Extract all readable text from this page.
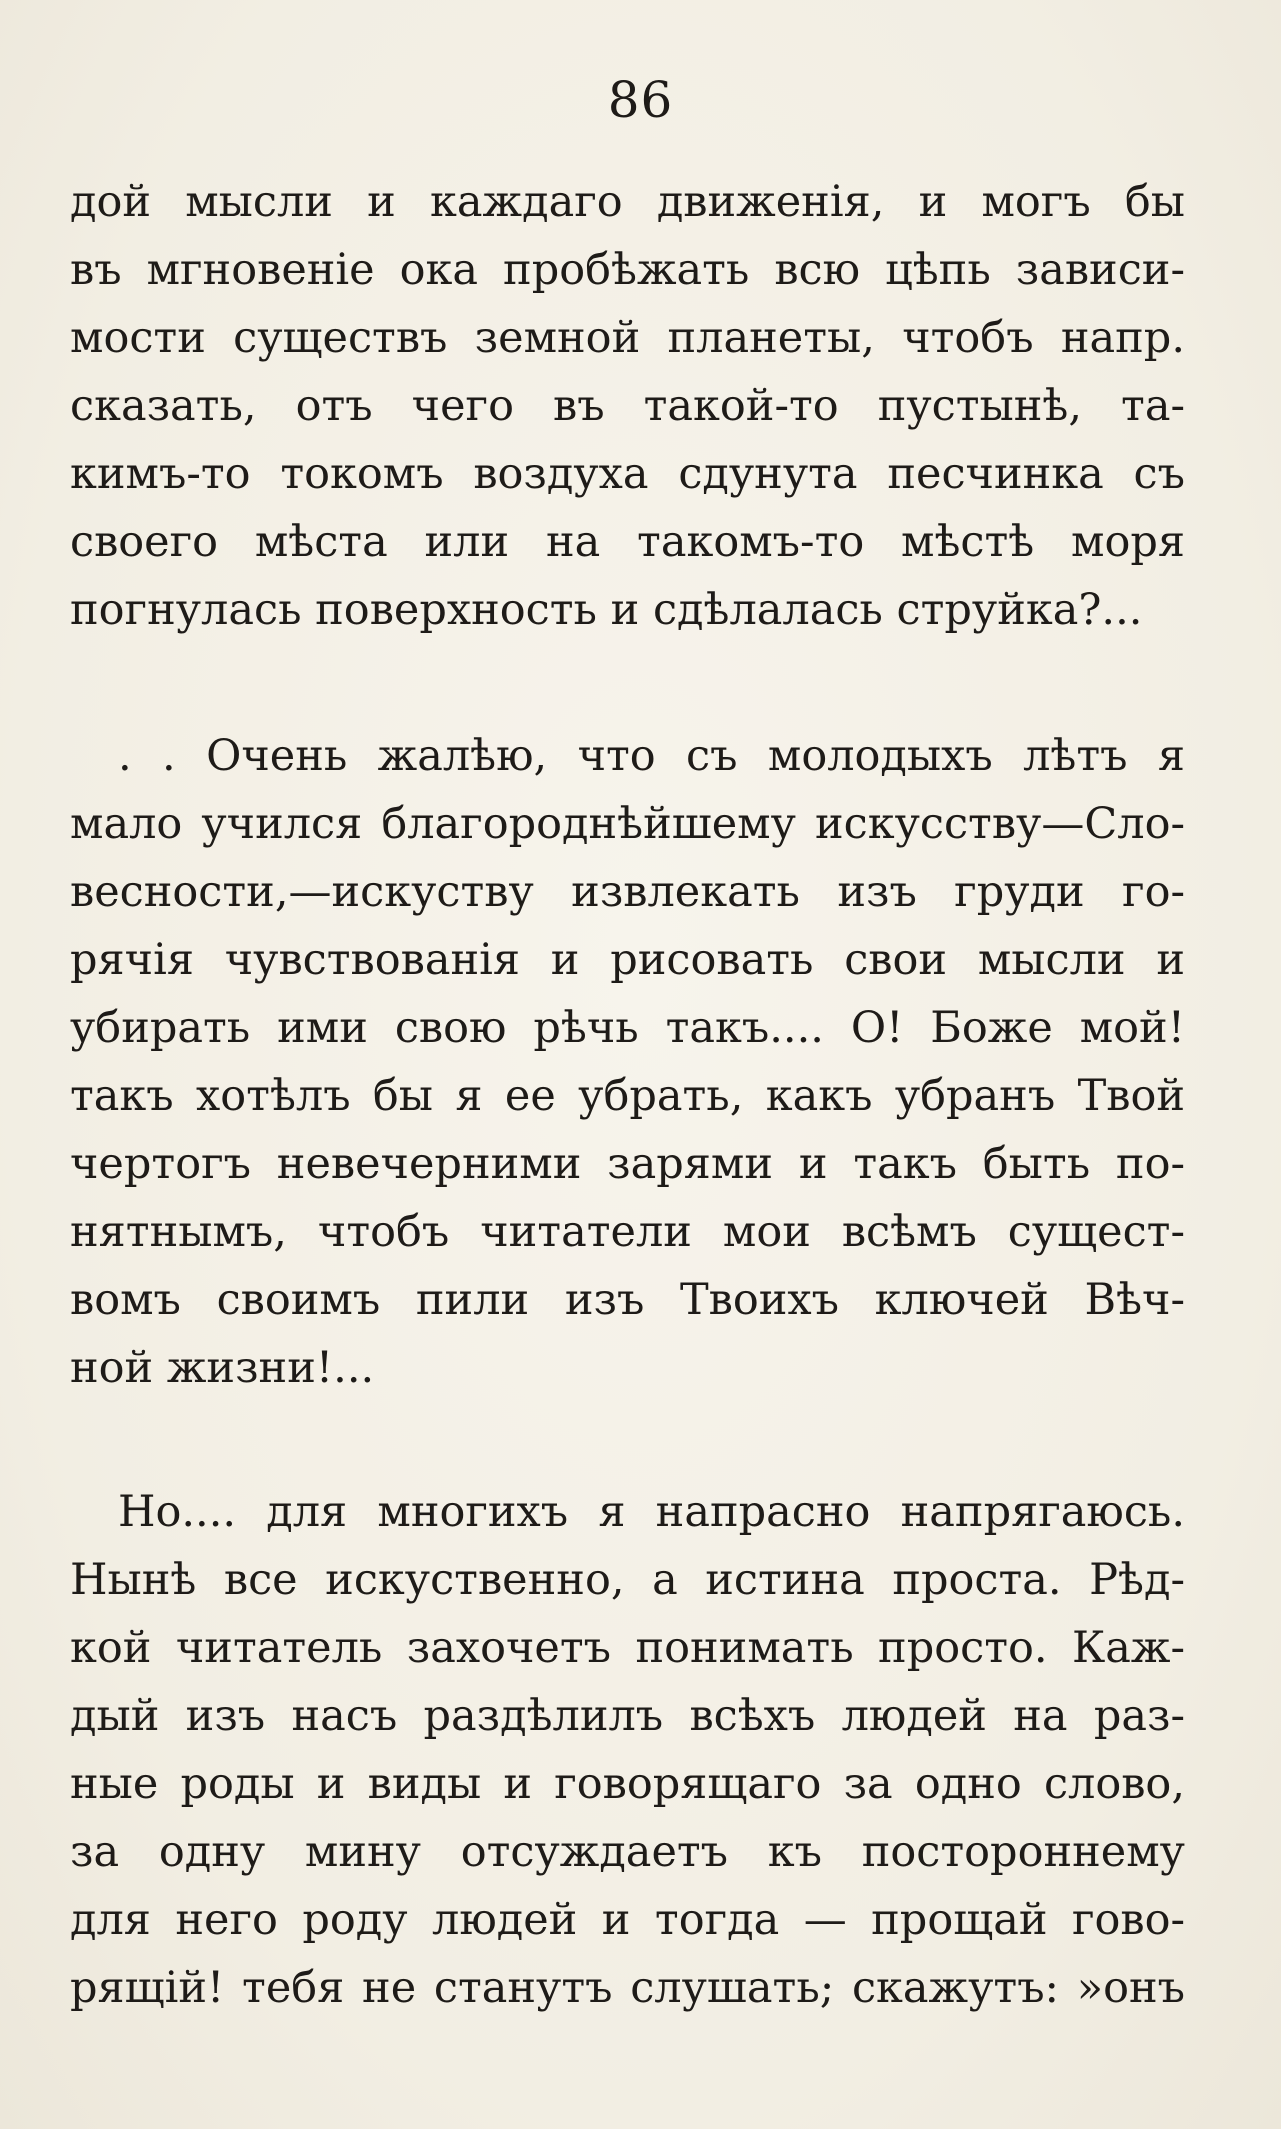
86
дой мысли и каждаго движенія, и могъ бы
въ мгновеніе ока пробѣжать всю цѣпь зависи-
мости существъ земной планеты, чтобъ напр.
сказать, отъ чего въ такой-то пустынѣ, та-
кимъ-то токомъ воздуха сдунута песчинка съ
своего мѣста или на такомъ-то мѣстѣ моря
погнулась поверхность и сдѣлалась струйка?...
. . Очень жалѣю, что съ молодыхъ лѣтъ я
мало учился благороднѣйшему искусству—Сло-
весности,—искуству извлекать изъ груди го-
рячія чувствованія и рисовать свои мысли и
убирать ими свою рѣчь такъ.... О! Боже мой!
такъ хотѣлъ бы я ее убрать, какъ убранъ Твой
чертогъ невечерними зарями и такъ быть по-
нятнымъ, чтобъ читатели мои всѣмъ сущест-
вомъ своимъ пили изъ Твоихъ ключей Вѣч-
ной жизни!...
Но.... для многихъ я напрасно напрягаюсь.
Нынѣ все искуственно, а истина проста. Рѣд-
кой читатель захочетъ понимать просто. Каж-
дый изъ насъ раздѣлилъ всѣхъ людей на раз-
ные роды и виды и говорящаго за одно слово,
за одну мину отсуждаетъ къ постороннему
для него роду людей и тогда — прощай гово-
рящій! тебя не станутъ слушать; скажутъ: »онъ
